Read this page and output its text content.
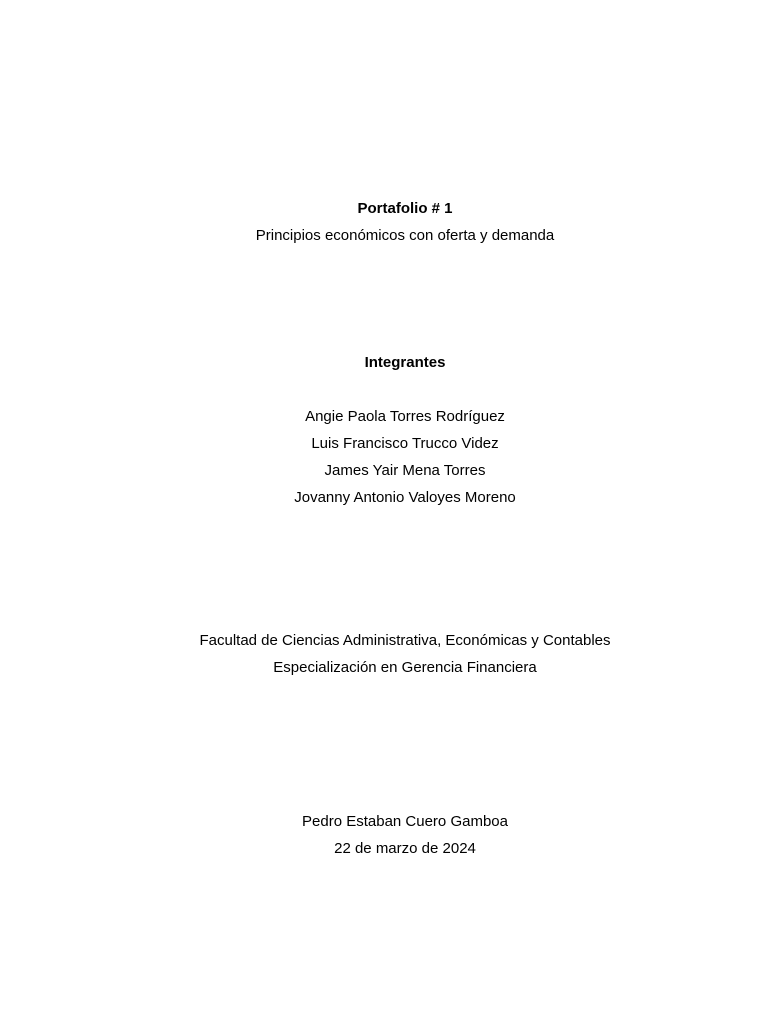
Portafolio # 1
Principios económicos con oferta y demanda
Integrantes
Angie Paola Torres Rodríguez
Luis Francisco Trucco Videz
James Yair Mena Torres
Jovanny Antonio Valoyes Moreno
Facultad de Ciencias Administrativa, Económicas y Contables
Especialización en Gerencia Financiera
Pedro Estaban Cuero Gamboa
22 de marzo de 2024
